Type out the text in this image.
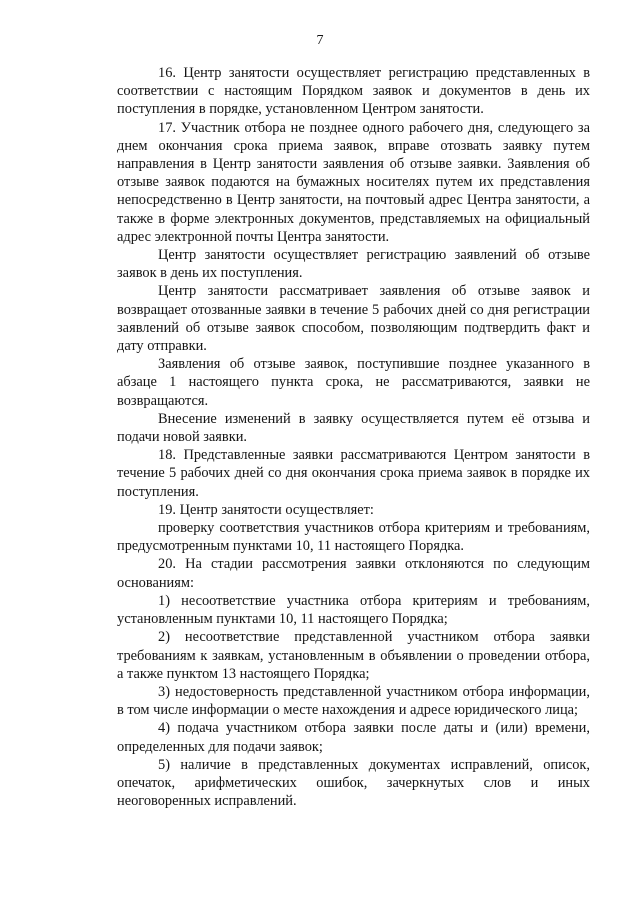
7

16. Центр занятости осуществляет регистрацию представленных в соответствии с настоящим Порядком заявок и документов в день их поступления в порядке, установленном Центром занятости.

17. Участник отбора не позднее одного рабочего дня, следующего за днем окончания срока приема заявок, вправе отозвать заявку путем направления в Центр занятости заявления об отзыве заявки. Заявления об отзыве заявок подаются на бумажных носителях путем их представления непосредственно в Центр занятости, на почтовый адрес Центра занятости, а также в форме электронных документов, представляемых на официальный адрес электронной почты Центра занятости.

Центр занятости осуществляет регистрацию заявлений об отзыве заявок в день их поступления.

Центр занятости рассматривает заявления об отзыве заявок и возвращает отозванные заявки в течение 5 рабочих дней со дня регистрации заявлений об отзыве заявок способом, позволяющим подтвердить факт и дату отправки.

Заявления об отзыве заявок, поступившие позднее указанного в абзаце 1 настоящего пункта срока, не рассматриваются, заявки не возвращаются.

Внесение изменений в заявку осуществляется путем её отзыва и подачи новой заявки.

18. Представленные заявки рассматриваются Центром занятости в течение 5 рабочих дней со дня окончания срока приема заявок в порядке их поступления.

19. Центр занятости осуществляет:

проверку соответствия участников отбора критериям и требованиям, предусмотренным пунктами 10, 11 настоящего Порядка.

20. На стадии рассмотрения заявки отклоняются по следующим основаниям:

1) несоответствие участника отбора критериям и требованиям, установленным пунктами 10, 11 настоящего Порядка;

2) несоответствие представленной участником отбора заявки требованиям к заявкам, установленным в объявлении о проведении отбора, а также пунктом 13 настоящего Порядка;

3) недостоверность представленной участником отбора информации, в том числе информации о месте нахождения и адресе юридического лица;

4) подача участником отбора заявки после даты и (или) времени, определенных для подачи заявок;

5) наличие в представленных документах исправлений, описок, опечаток, арифметических ошибок, зачеркнутых слов и иных неоговоренных исправлений.
